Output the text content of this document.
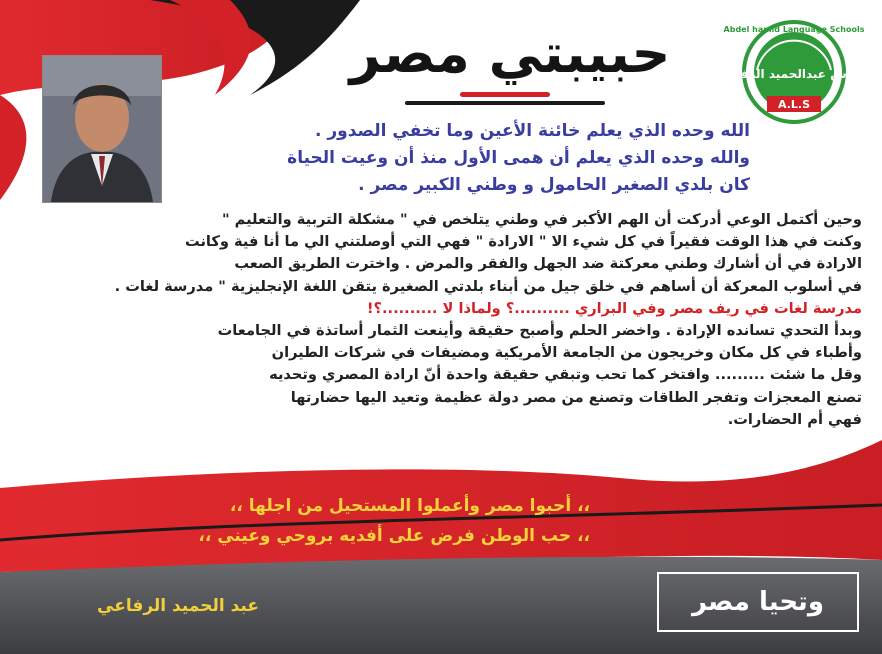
Abdel hamid Language Schools
مدارس عبدالحميد الرفاعي
A.L.S
حبيبتي مصر
الله وحده الذي يعلم خائنة الأعين وما تخفي الصدور .
والله وحده الذي يعلم أن همى الأول منذ أن وعيت الحياة
كان بلدي الصغير الحامول و وطني الكبير مصر .
وحين أكتمل الوعي أدركت أن الهم الأكبر في وطني يتلخص في " مشكلة التربية والتعليم "
وكنت في هذا الوقت فقيراً في كل شيء الا " الارادة " فهي التي أوصلتني الي ما أنا فية وكانت
الارادة في أن أشارك وطني معركتة ضد الجهل والفقر والمرض . واخترت الطريق الصعب
في أسلوب المعركة أن أساهم في خلق جيل من أبناء بلدتي الصغيرة يتقن اللغة الإنجليزية " مدرسة لغات .
مدرسة لغات في ريف مصر وفي البراري ..........؟ ولماذا لا ..........؟!
وبدأ التحدي تسانده الإرادة . واخضر الحلم وأصبح حقيقة وأينعت الثمار أساتذة في الجامعات
وأطباء في كل مكان وخريجون من الجامعة الأمريكية ومضيفات في شركات الطيران
وقل ما شئت ......... وافتخر كما تحب وتبقي حقيقة واحدة أنّ ارادة المصري وتحديه
تصنع المعجزات وتفجر الطاقات وتصنع من مصر دولة عظيمة وتعيد اليها حضارتها
فهي أم الحضارات.
،، أحبوا مصر وأعملوا المستحيل من اجلها ،،
،، حب الوطن فرض على أفديه بروحي وعيني ،،
عبد الحميد الرفاعي	وتحيا مصر
